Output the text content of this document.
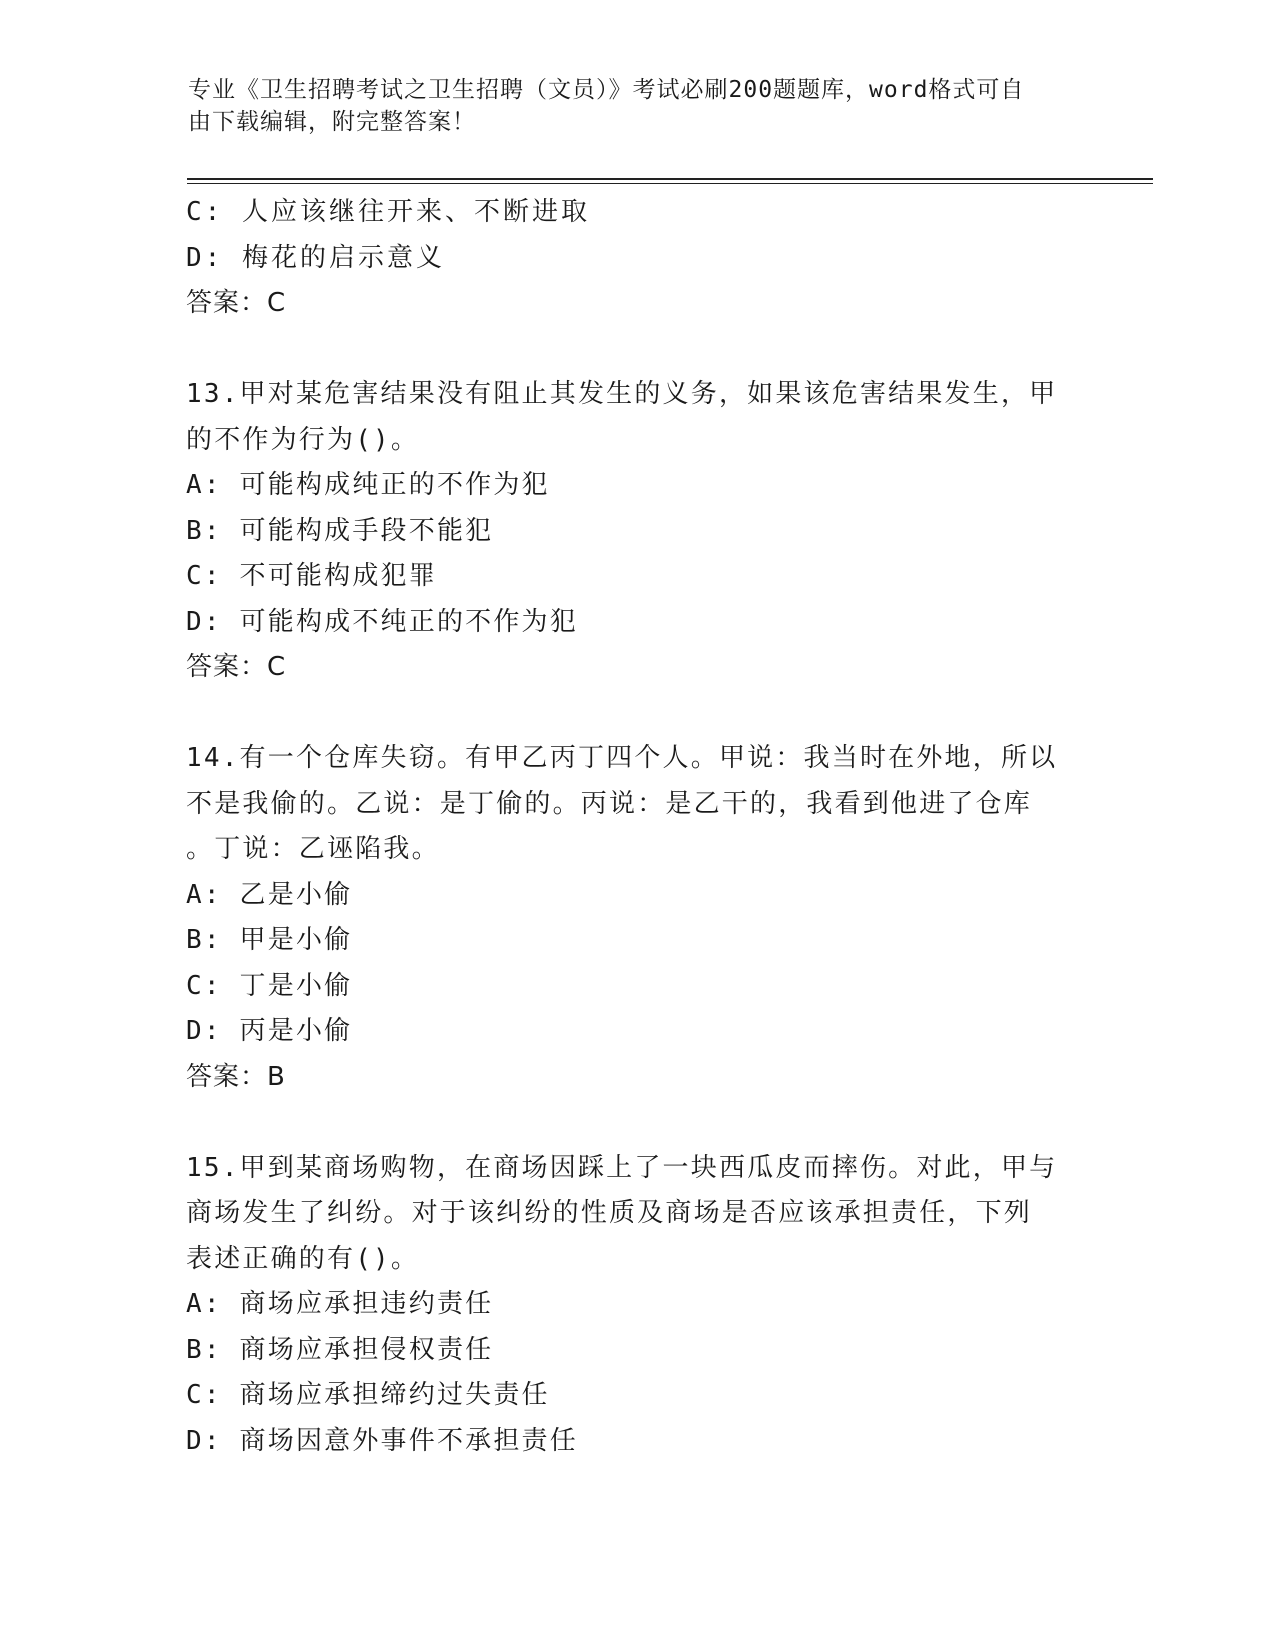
专业《卫生招聘考试之卫生招聘（文员）》考试必刷200题题库，word格式可自
由下载编辑，附完整答案！
C: 人应该继往开来、不断进取
D: 梅花的启示意义
答案：C
13.甲对某危害结果没有阻止其发生的义务，如果该危害结果发生，甲
的不作为行为()。
A: 可能构成纯正的不作为犯
B: 可能构成手段不能犯
C: 不可能构成犯罪
D: 可能构成不纯正的不作为犯
答案：C
14.有一个仓库失窃。有甲乙丙丁四个人。甲说：我当时在外地，所以
不是我偷的。乙说：是丁偷的。丙说：是乙干的，我看到他进了仓库
。丁说：乙诬陷我。
A: 乙是小偷
B: 甲是小偷
C: 丁是小偷
D: 丙是小偷
答案：B
15.甲到某商场购物，在商场因踩上了一块西瓜皮而摔伤。对此，甲与
商场发生了纠纷。对于该纠纷的性质及商场是否应该承担责任，下列
表述正确的有()。
A: 商场应承担违约责任
B: 商场应承担侵权责任
C: 商场应承担缔约过失责任
D: 商场因意外事件不承担责任
